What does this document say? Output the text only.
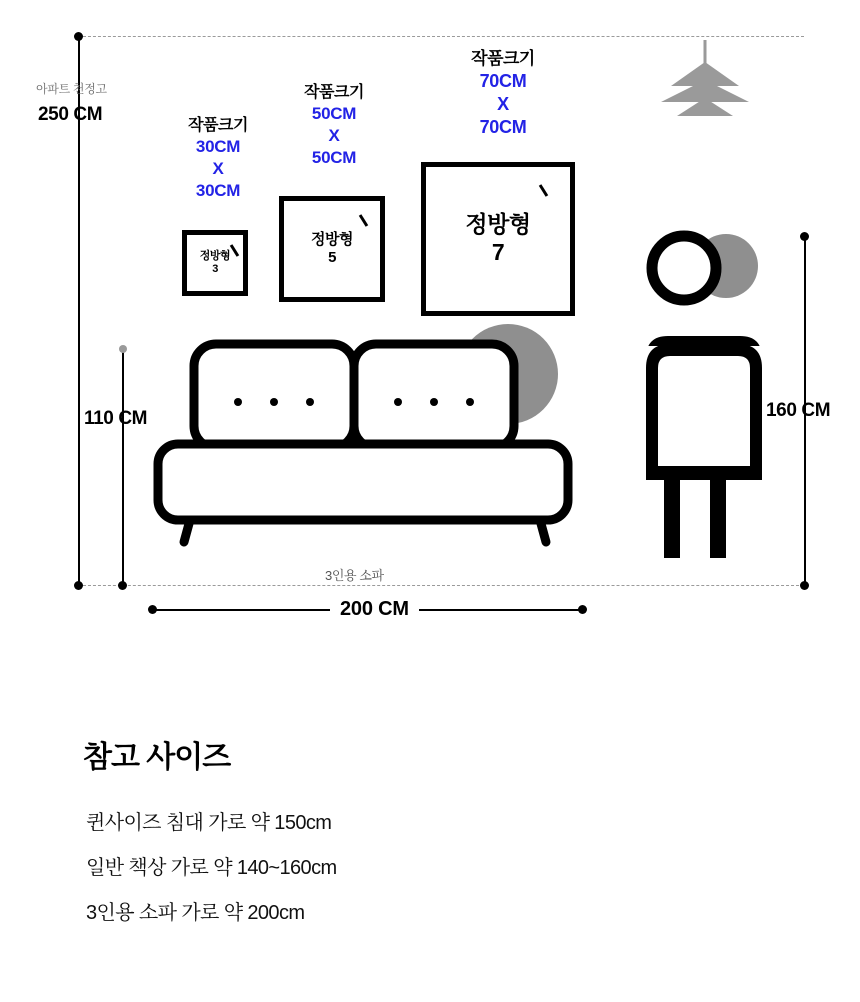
아파트 천정고
250 CM
110 CM	160 CM
200 CM
작품크기
30CM
X
30CM
작품크기
50CM
X
50CM
작품크기
70CM
X
70CM
정방형
3
정방형
5
정방형
7
3인용 소파
참고 사이즈
퀸사이즈 침대 가로 약 150cm
일반 책상 가로 약 140~160cm
3인용 소파 가로 약 200cm
